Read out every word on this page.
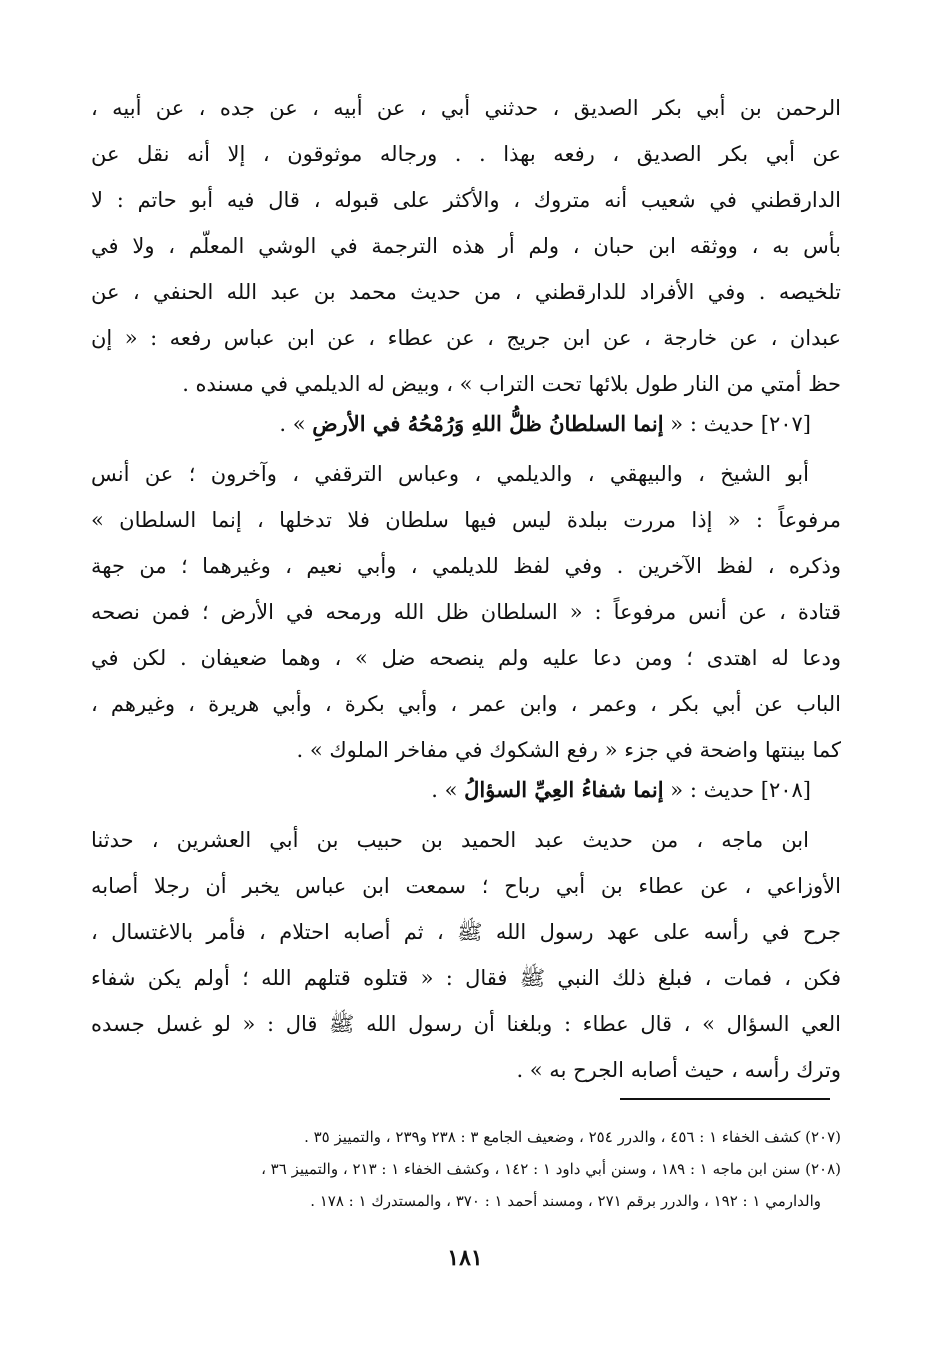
الرحمن بن أبي بكر الصديق ، حدثني أبي ، عن أبيه ، عن جده ، عن أبيه ،
عن أبي بكر الصديق ، رفعه بهذا . . ورجاله موثوقون ، إلا أنه نقل عن
الدارقطني في شعيب أنه متروك ، والأكثر على قبوله ، قال فيه أبو حاتم : لا
بأس به ، ووثقه ابن حبان ، ولم أر هذه الترجمة في الوشي المعلّم ، ولا في
تلخيصه . وفي الأفراد للدارقطني ، من حديث محمد بن عبد الله الحنفي ، عن
عبدان ، عن خارجة ، عن ابن جريج ، عن عطاء ، عن ابن عباس رفعه : « إن
حظ أمتي من النار طول بلائها تحت التراب » ، وبيض له الديلمي في مسنده .
[٢٠٧] حديث : « إنما السلطانُ ظلُّ اللهِ وَرُمْحُهُ في الأرضِ » .
أبو الشيخ ، والبيهقي ، والديلمي ، وعباس الترقفي ، وآخرون ؛ عن أنس
مرفوعاً : « إذا مررت ببلدة ليس فيها سلطان فلا تدخلها ، إنما السلطان »
وذكره ، لفظ الآخرين . وفي لفظ للديلمي ، وأبي نعيم ، وغيرهما ؛ من جهة
قتادة ، عن أنس مرفوعاً : « السلطان ظل الله ورمحه في الأرض ؛ فمن نصحه
ودعا له اهتدى ؛ ومن دعا عليه ولم ينصحه ضل » ، وهما ضعيفان . لكن في
الباب عن أبي بكر ، وعمر ، وابن عمر ، وأبي بكرة ، وأبي هريرة ، وغيرهم ،
كما بينتها واضحة في جزء « رفع الشكوك في مفاخر الملوك » .
[٢٠٨] حديث : « إنما شفاءُ العِيِّ السؤالُ » .
ابن ماجه ، من حديث عبد الحميد بن حبيب بن أبي العشرين ، حدثنا
الأوزاعي ، عن عطاء بن أبي رباح ؛ سمعت ابن عباس يخبر أن رجلا أصابه
جرح في رأسه على عهد رسول الله ﷺ ، ثم أصابه احتلام ، فأمر بالاغتسال ،
فكن ، فمات ، فبلغ ذلك النبي ﷺ فقال : « قتلوه قتلهم الله ؛ أولم يكن شفاء
العي السؤال » ، قال عطاء : وبلغنا أن رسول الله ﷺ قال : « لو غسل جسده
وترك رأسه ، حيث أصابه الجرح به » .
(٢٠٧) كشف الخفاء ١ : ٤٥٦ ، والدرر ٢٥٤ ، وضعيف الجامع ٣ : ٢٣٨ و٢٣٩ ، والتمييز ٣٥ .
(٢٠٨) سنن ابن ماجه ١ : ١٨٩ ، وسنن أبي داود ١ : ١٤٢ ، وكشف الخفاء ١ : ٢١٣ ، والتمييز ٣٦ ،
والدارمي ١ : ١٩٢ ، والدرر برقم ٢٧١ ، ومسند أحمد ١ : ٣٧٠ ، والمستدرك ١ : ١٧٨ .
١٨١
